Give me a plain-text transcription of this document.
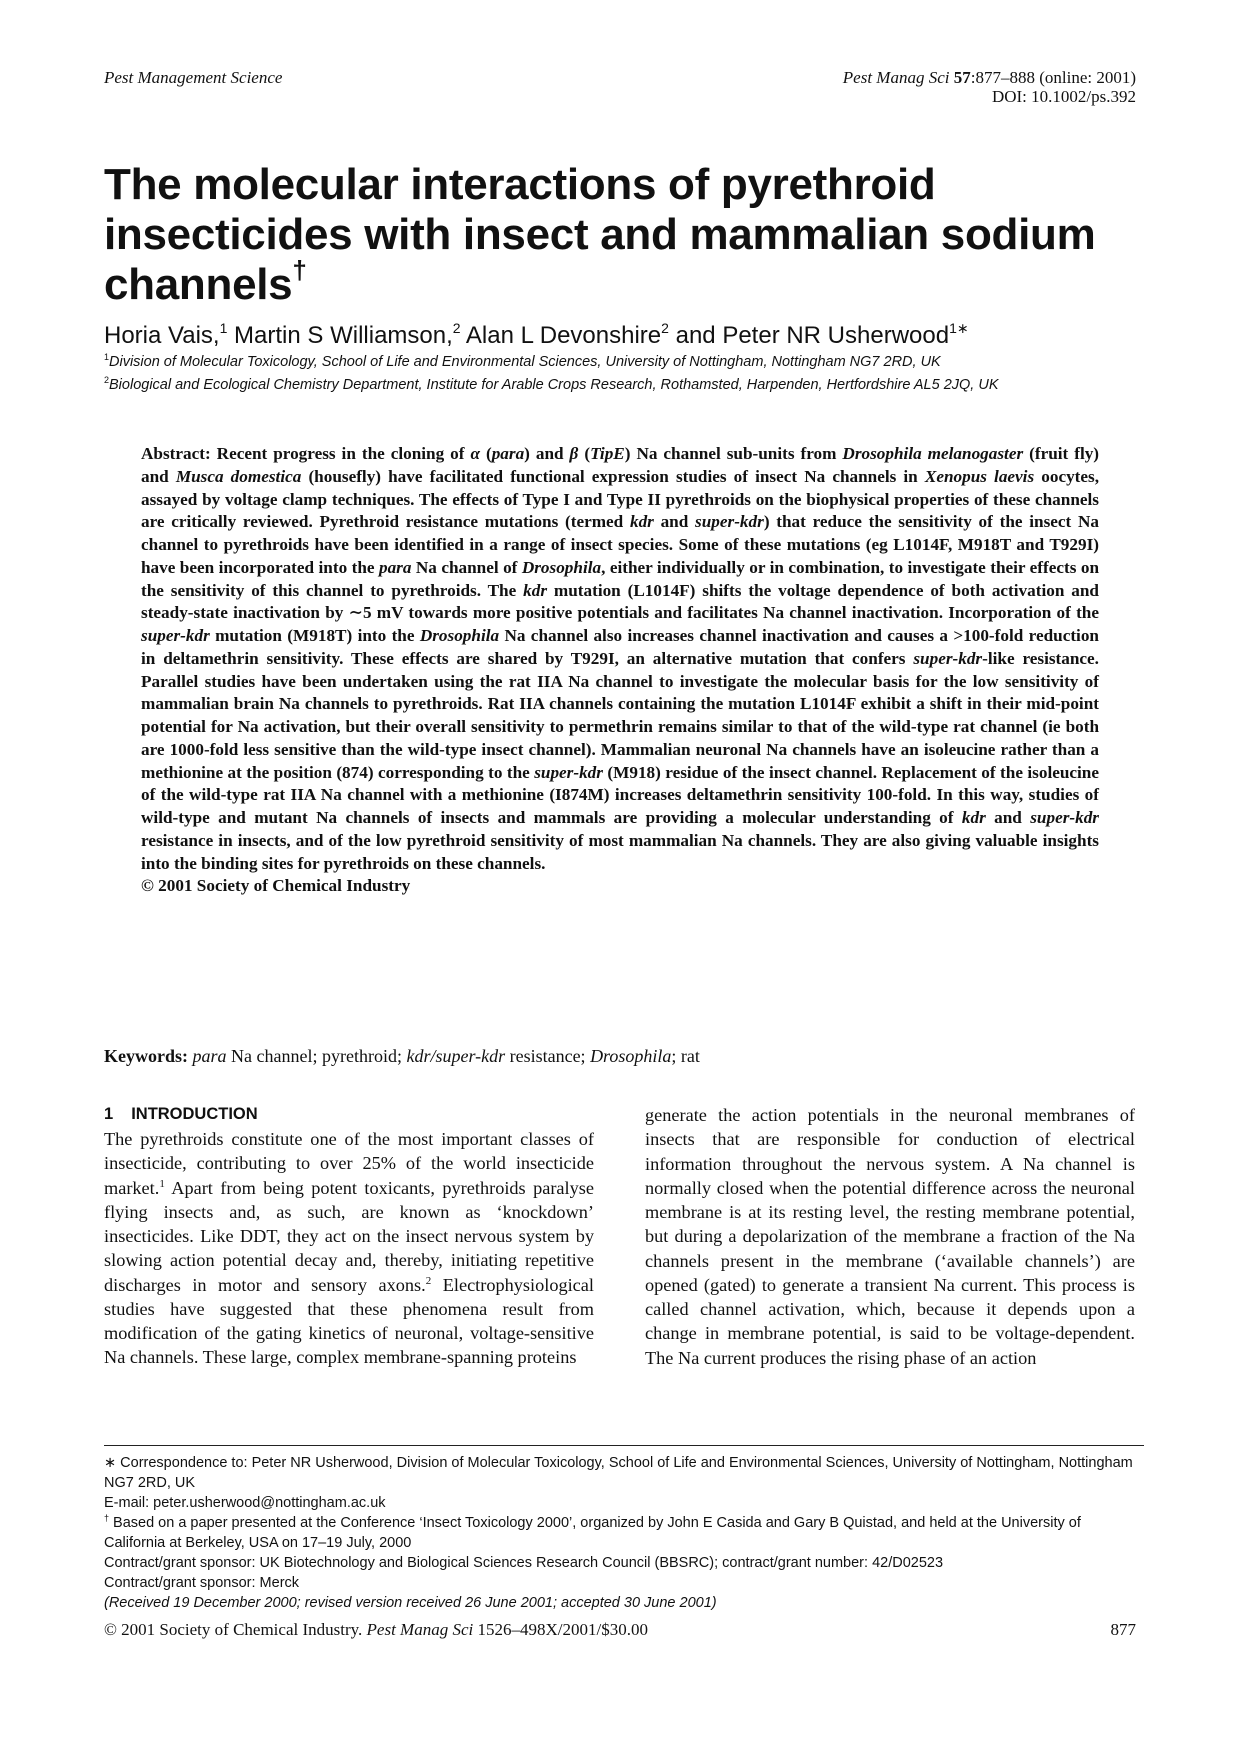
Pest Management Science	Pest Manag Sci 57:877–888 (online: 2001)
DOI: 10.1002/ps.392
The molecular interactions of pyrethroid
insecticides with insect and mammalian sodium
channels†
Horia Vais,$^1$ Martin S Williamson,$^2$ Alan L Devonshire$^2$ and Peter NR Usherwood$^{1∗}$
$^1$Division of Molecular Toxicology, School of Life and Environmental Sciences, University of Nottingham, Nottingham NG7 2RD, UK
$^2$Biological and Ecological Chemistry Department, Institute for Arable Crops Research, Rothamsted, Harpenden, Hertfordshire AL5 2JQ, UK

Abstract: Recent progress in the cloning of α (para) and β (TipE) Na channel sub-units from Drosophila melanogaster (fruit fly) and Musca domestica (housefly) have facilitated functional expression studies of insect Na channels in Xenopus laevis oocytes, assayed by voltage clamp techniques. The effects of Type I and Type II pyrethroids on the biophysical properties of these channels are critically reviewed. Pyrethroid resistance mutations (termed kdr and super-kdr) that reduce the sensitivity of the insect Na channel to pyrethroids have been identified in a range of insect species. Some of these mutations (eg L1014F, M918T and T929I) have been incorporated into the para Na channel of Drosophila, either individually or in combination, to investigate their effects on the sensitivity of this channel to pyrethroids. The kdr mutation (L1014F) shifts the voltage dependence of both activation and steady-state inactivation by ∼5 mV towards more positive potentials and facilitates Na channel inactivation. Incorporation of the super-kdr mutation (M918T) into the Drosophila Na channel also increases channel inactivation and causes a >100-fold reduction in deltamethrin sensitivity. These effects are shared by T929I, an alternative mutation that confers super-kdr-like resistance. Parallel studies have been undertaken using the rat IIA Na channel to investigate the molecular basis for the low sensitivity of mammalian brain Na channels to pyrethroids. Rat IIA channels containing the mutation L1014F exhibit a shift in their mid-point potential for Na activation, but their overall sensitivity to permethrin remains similar to that of the wild-type rat channel (ie both are 1000-fold less sensitive than the wild-type insect channel). Mammalian neuronal Na channels have an isoleucine rather than a methionine at the position (874) corresponding to the super-kdr (M918) residue of the insect channel. Replacement of the isoleucine of the wild-type rat IIA Na channel with a methionine (I874M) increases deltamethrin sensitivity 100-fold. In this way, studies of wild-type and mutant Na channels of insects and mammals are providing a molecular understanding of kdr and super-kdr resistance in insects, and of the low pyrethroid sensitivity of most mammalian Na channels. They are also giving valuable insights into the binding sites for pyrethroids on these channels.
© 2001 Society of Chemical Industry

Keywords: para Na channel; pyrethroid; kdr/super-kdr resistance; Drosophila; rat
1 INTRODUCTION

The pyrethroids constitute one of the most important classes of insecticide, contributing to over 25% of the world insecticide market.$^1$ Apart from being potent toxicants, pyrethroids paralyse flying insects and, as such, are known as ‘knockdown’ insecticides. Like DDT, they act on the insect nervous system by slowing action potential decay and, thereby, initiating repetitive discharges in motor and sensory axons.$^2$ Electrophysiological studies have suggested that these phenomena result from modification of the gating kinetics of neuronal, voltage-sensitive Na channels. These large, complex membrane-spanning proteins

generate the action potentials in the neuronal membranes of insects that are responsible for conduction of electrical information throughout the nervous system. A Na channel is normally closed when the potential difference across the neuronal membrane is at its resting level, the resting membrane potential, but during a depolarization of the membrane a fraction of the Na channels present in the membrane (‘available channels’) are opened (gated) to generate a transient Na current. This process is called channel activation, which, because it depends upon a change in membrane potential, is said to be voltage-dependent. The Na current produces the rising phase of an action

∗ Correspondence to: Peter NR Usherwood, Division of Molecular Toxicology, School of Life and Environmental Sciences, University of Nottingham, Nottingham NG7 2RD, UK

E-mail: peter.usherwood@nottingham.ac.uk

† Based on a paper presented at the Conference ‘Insect Toxicology 2000’, organized by John E Casida and Gary B Quistad, and held at the University of California at Berkeley, USA on 17–19 July, 2000

Contract/grant sponsor: UK Biotechnology and Biological Sciences Research Council (BBSRC); contract/grant number: 42/D02523

Contract/grant sponsor: Merck

(Received 19 December 2000; revised version received 26 June 2001; accepted 30 June 2001)

© 2001 Society of Chemical Industry. Pest Manag Sci 1526–498X/2001/$30.00	877
